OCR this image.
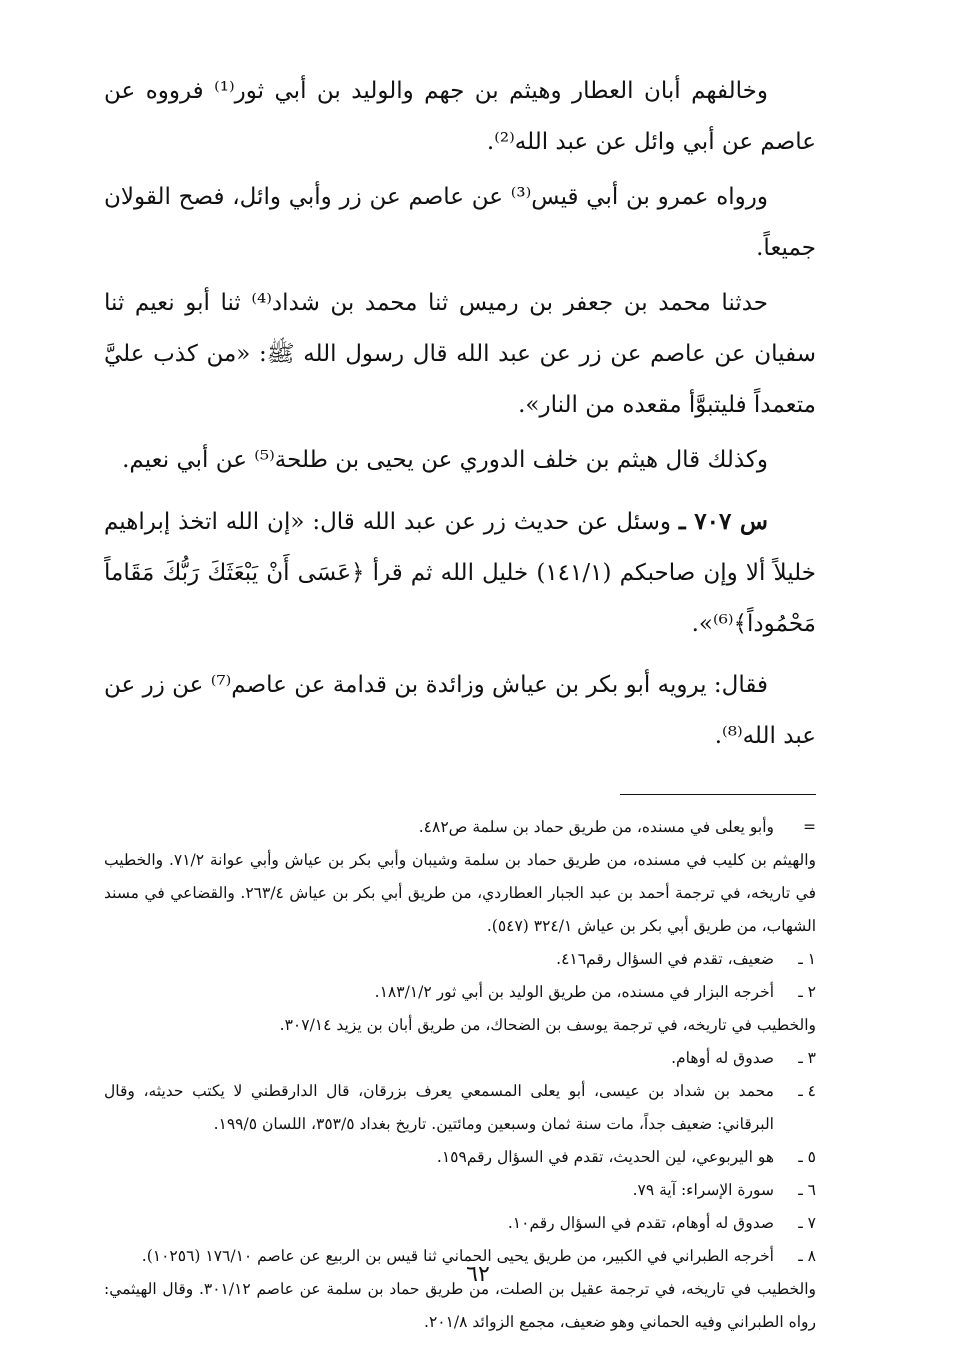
وخالفهم أبان العطار وهيثم بن جهم والوليد بن أبي ثور⁽¹⁾ فرووه عن عاصم عن أبي وائل عن عبد الله⁽²⁾.

ورواه عمرو بن أبي قيس⁽³⁾ عن عاصم عن زر وأبي وائل، فصح القولان جميعاً.

حدثنا محمد بن جعفر بن رميس ثنا محمد بن شداد⁽⁴⁾ ثنا أبو نعيم ثنا سفيان عن عاصم عن زر عن عبد الله قال رسول الله ﷺ: «من كذب عليَّ متعمداً فليتبوَّأ مقعده من النار».

وكذلك قال هيثم بن خلف الدوري عن يحيى بن طلحة⁽⁵⁾ عن أبي نعيم.

س ٧٠٧ ـ وسئل عن حديث زر عن عبد الله قال: «إن الله اتخذ إبراهيم خليلاً ألا وإن صاحبكم (١٤١/١) خليل الله ثم قرأ ﴿عَسَى أَنْ يَبْعَثَكَ رَبُّكَ مَقَاماً مَحْمُوداً﴾⁽⁶⁾».

فقال: يرويه أبو بكر بن عياش وزائدة بن قدامة عن عاصم⁽⁷⁾ عن زر عن عبد الله⁽⁸⁾.

=
وأبو يعلى في مسنده، من طريق حماد بن سلمة ص٤٨٢.
والهيثم بن كليب في مسنده، من طريق حماد بن سلمة وشيبان وأبي بكر بن عياش وأبي عوانة ٧١/٢. والخطيب في تاريخه، في ترجمة أحمد بن عبد الجبار العطاردي، من طريق أبي بكر بن عياش ٢٦٣/٤. والقضاعي في مسند الشهاب، من طريق أبي بكر بن عياش ٣٢٤/١ (٥٤٧).
١ ـ
ضعيف، تقدم في السؤال رقم٤١٦.
٢ ـ
أخرجه البزار في مسنده، من طريق الوليد بن أبي ثور ١٨٣/١/٢.
والخطيب في تاريخه، في ترجمة يوسف بن الضحاك، من طريق أبان بن يزيد ٣٠٧/١٤.
٣ ـ
صدوق له أوهام.
٤ ـ
محمد بن شداد بن عيسى، أبو يعلى المسمعي يعرف بزرقان، قال الدارقطني لا يكتب حديثه، وقال البرقاني: ضعيف جداً، مات سنة ثمان وسبعين ومائتين. تاريخ بغداد ٣٥٣/٥، اللسان ١٩٩/٥.
٥ ـ
هو اليربوعي، لين الحديث، تقدم في السؤال رقم١٥٩.
٦ ـ
سورة الإسراء: آية ٧٩.
٧ ـ
صدوق له أوهام، تقدم في السؤال رقم١٠.
٨ ـ
أخرجه الطبراني في الكبير، من طريق يحيى الحماني ثنا قيس بن الربيع عن عاصم ١٧٦/١٠ (١٠٢٥٦).
والخطيب في تاريخه، في ترجمة عقيل بن الصلت، من طريق حماد بن سلمة عن عاصم ٣٠١/١٢. وقال الهيثمي: رواه الطبراني وفيه الحماني وهو ضعيف، مجمع الزوائد ٢٠١/٨.
٦٢
